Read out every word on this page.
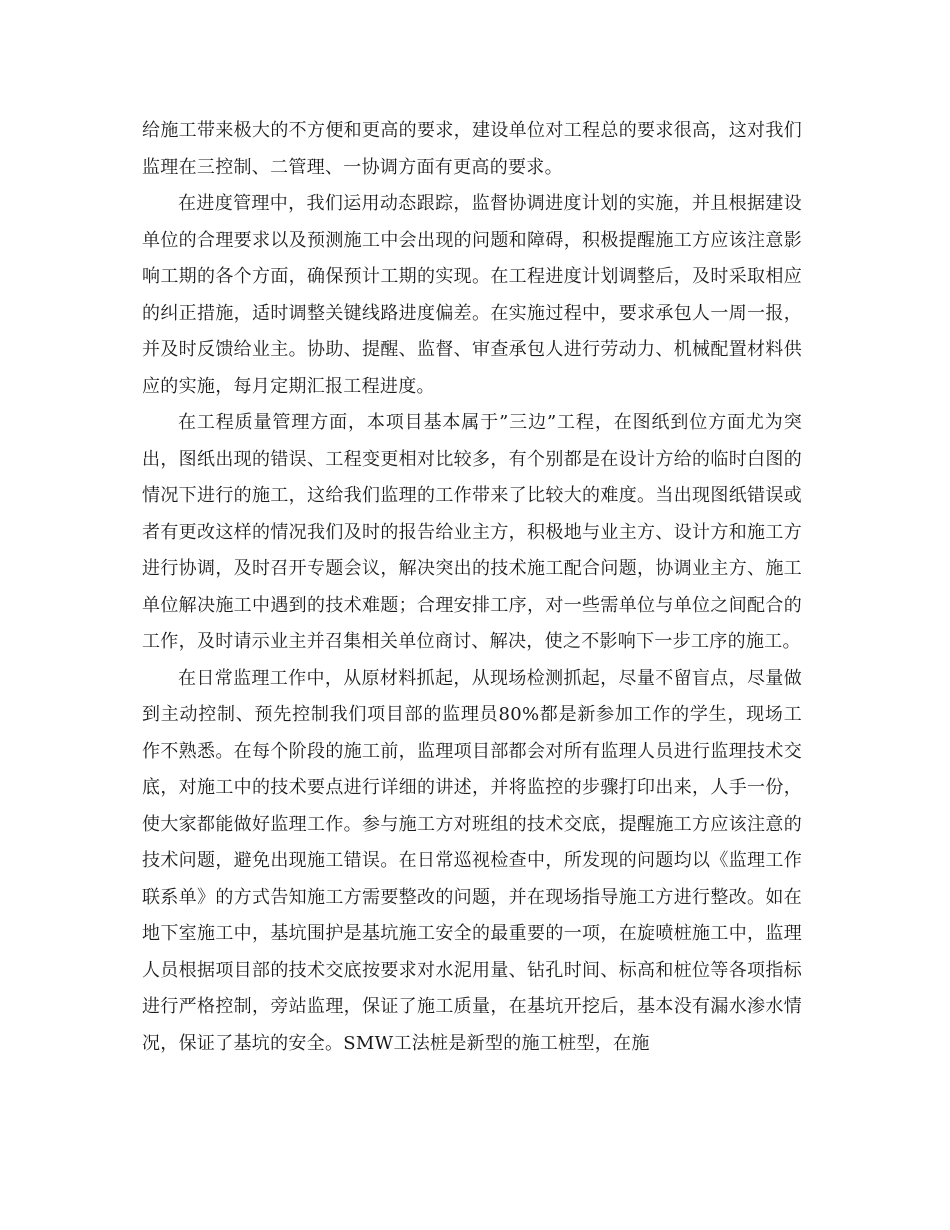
给施工带来极大的不方便和更高的要求，建设单位对工程总的要求很高，这对我们监理在三控制、二管理、一协调方面有更高的要求。

在进度管理中，我们运用动态跟踪，监督协调进度计划的实施，并且根据建设单位的合理要求以及预测施工中会出现的问题和障碍，积极提醒施工方应该注意影响工期的各个方面，确保预计工期的实现。在工程进度计划调整后，及时采取相应的纠正措施，适时调整关键线路进度偏差。在实施过程中，要求承包人一周一报，并及时反馈给业主。协助、提醒、监督、审查承包人进行劳动力、机械配置材料供应的实施，每月定期汇报工程进度。

在工程质量管理方面，本项目基本属于”三边”工程，在图纸到位方面尤为突出，图纸出现的错误、工程变更相对比较多，有个别都是在设计方给的临时白图的情况下进行的施工，这给我们监理的工作带来了比较大的难度。当出现图纸错误或者有更改这样的情况我们及时的报告给业主方，积极地与业主方、设计方和施工方进行协调，及时召开专题会议，解决突出的技术施工配合问题，协调业主方、施工单位解决施工中遇到的技术难题；合理安排工序，对一些需单位与单位之间配合的工作，及时请示业主并召集相关单位商讨、解决，使之不影响下一步工序的施工。

在日常监理工作中，从原材料抓起，从现场检测抓起，尽量不留盲点，尽量做到主动控制、预先控制我们项目部的监理员80%都是新参加工作的学生，现场工作不熟悉。在每个阶段的施工前，监理项目部都会对所有监理人员进行监理技术交底，对施工中的技术要点进行详细的讲述，并将监控的步骤打印出来，人手一份，使大家都能做好监理工作。参与施工方对班组的技术交底，提醒施工方应该注意的技术问题，避免出现施工错误。在日常巡视检查中，所发现的问题均以《监理工作联系单》的方式告知施工方需要整改的问题，并在现场指导施工方进行整改。如在地下室施工中，基坑围护是基坑施工安全的最重要的一项，在旋喷桩施工中，监理人员根据项目部的技术交底按要求对水泥用量、钻孔时间、标高和桩位等各项指标进行严格控制，旁站监理，保证了施工质量，在基坑开挖后，基本没有漏水渗水情况，保证了基坑的安全。SMW工法桩是新型的施工桩型，在施
